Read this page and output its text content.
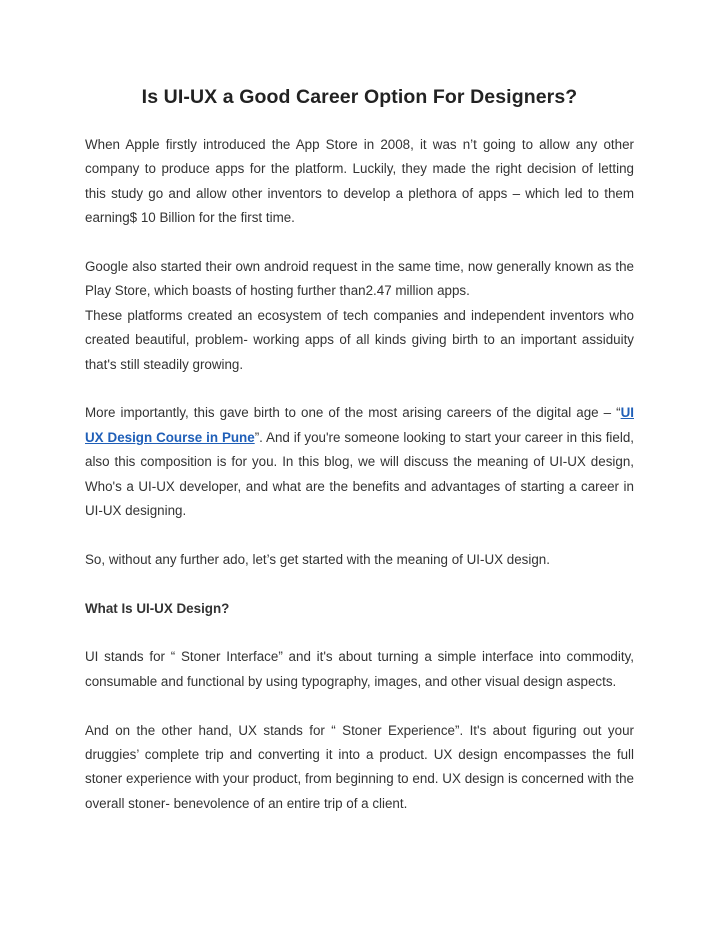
Is UI-UX a Good Career Option For Designers?

When Apple firstly introduced the App Store in 2008, it was n’t going to allow any other company to produce apps for the platform. Luckily, they made the right decision of letting this study go and allow other inventors to develop a plethora of apps – which led to them earning$ 10 Billion for the first time.

Google also started their own android request in the same time, now generally known as the Play Store, which boasts of hosting further than2.47 million apps.

These platforms created an ecosystem of tech companies and independent inventors who created beautiful, problem- working apps of all kinds giving birth to an important assiduity that's still steadily growing.

More importantly, this gave birth to one of the most arising careers of the digital age – “UI UX Design Course in Pune”. And if you're someone looking to start your career in this field, also this composition is for you. In this blog, we will discuss the meaning of UI-UX design, Who's a UI-UX developer, and what are the benefits and advantages of starting a career in UI-UX designing.

So, without any further ado, let’s get started with the meaning of UI-UX design.

What Is UI-UX Design?

UI stands for “ Stoner Interface” and it's about turning a simple interface into commodity, consumable and functional by using typography, images, and other visual design aspects.

And on the other hand, UX stands for “ Stoner Experience”. It's about figuring out your druggies’ complete trip and converting it into a product. UX design encompasses the full stoner experience with your product, from beginning to end. UX design is concerned with the overall stoner- benevolence of an entire trip of a client.
